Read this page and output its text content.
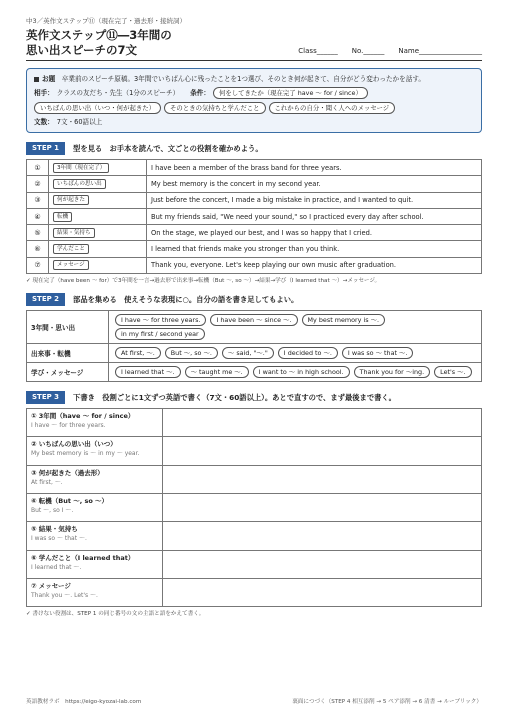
中3／英作文ステップ⑪（現在完了・過去形・接続詞）
英作文ステップ⑪―3年間の
思い出スピーチの7文	Class______ No.______ Name__________________
お題　 卒業前のスピーチ原稿。3年間でいちばん心に残ったことを1つ選び、そのとき何が起きて、自分がどう変わったかを話す。
相手： クラスの友だち・先生（1分のスピーチ） 条件：	何をしてきたか（現在完了 have ～ for / since）
いちばんの思い出（いつ・何が起きた）	そのときの気持ちと学んだこと	これからの自分・聞く人へのメッセージ
文数： 7文・60語以上
STEP 1	型を見る　お手本を読んで、文ごとの役割を確かめよう。
①	3年間（現在完了）	I have been a member of the brass band for three years.
②	いちばんの思い出	My best memory is the concert in my second year.
③	何が起きた	Just before the concert, I made a big mistake in practice, and I wanted to quit.
④	転機	But my friends said, "We need your sound," so I practiced every day after school.
⑤	結果・気持ち	On the stage, we played our best, and I was so happy that I cried.
⑥	学んだこと	I learned that friends make you stronger than you think.
⑦	メッセージ	Thank you, everyone. Let's keep playing our own music after graduation.
✓ 現在完了（have been ～ for）で3年間を一言→過去形で出来事→転機（But ～, so ～）→結果→学び（I learned that ～）→メッセージ。
STEP 2	部品を集める　使えそうな表現に○。自分の語を書き足してもよい。
3年間・思い出	I have ～ for three years. I have been ～ since ～. My best memory is ～.in my first / second year
出来事・転機	At first, ～. But ～, so ～. ～ said, "～." I decided to ～. I was so ～ that ～.
学び・メッセージ	I learned that ～. ～ taught me ～. I want to ～ in high school. Thank you for ～ing. Let's ～.
STEP 3	下書き　役割ごとに1文ずつ英語で書く（7文・60語以上）。あとで直すので、まず最後まで書く。
① 3年間（have ～ for / since）
I have ～ for three years.	

② いちばんの思い出（いつ）
My best memory is ～ in my ～ year.	

③ 何が起きた（過去形）
At first, ～.	

④ 転機（But ～, so ～）
But ～, so I ～.	

⑤ 結果・気持ち
I was so ～ that ～.	

⑥ 学んだこと（I learned that）
I learned that ～.	

⑦ メッセージ
Thank you ～. Let's ～.	

✓ 書けない役割は、STEP 1 の同じ番号の文の主語と語をかえて書く。
英語教材ラボ　https://eigo-kyozai-lab.com	裏面につづく（STEP 4 相互添削 → 5 ペア添削 → 6 清書 → ルーブリック）
